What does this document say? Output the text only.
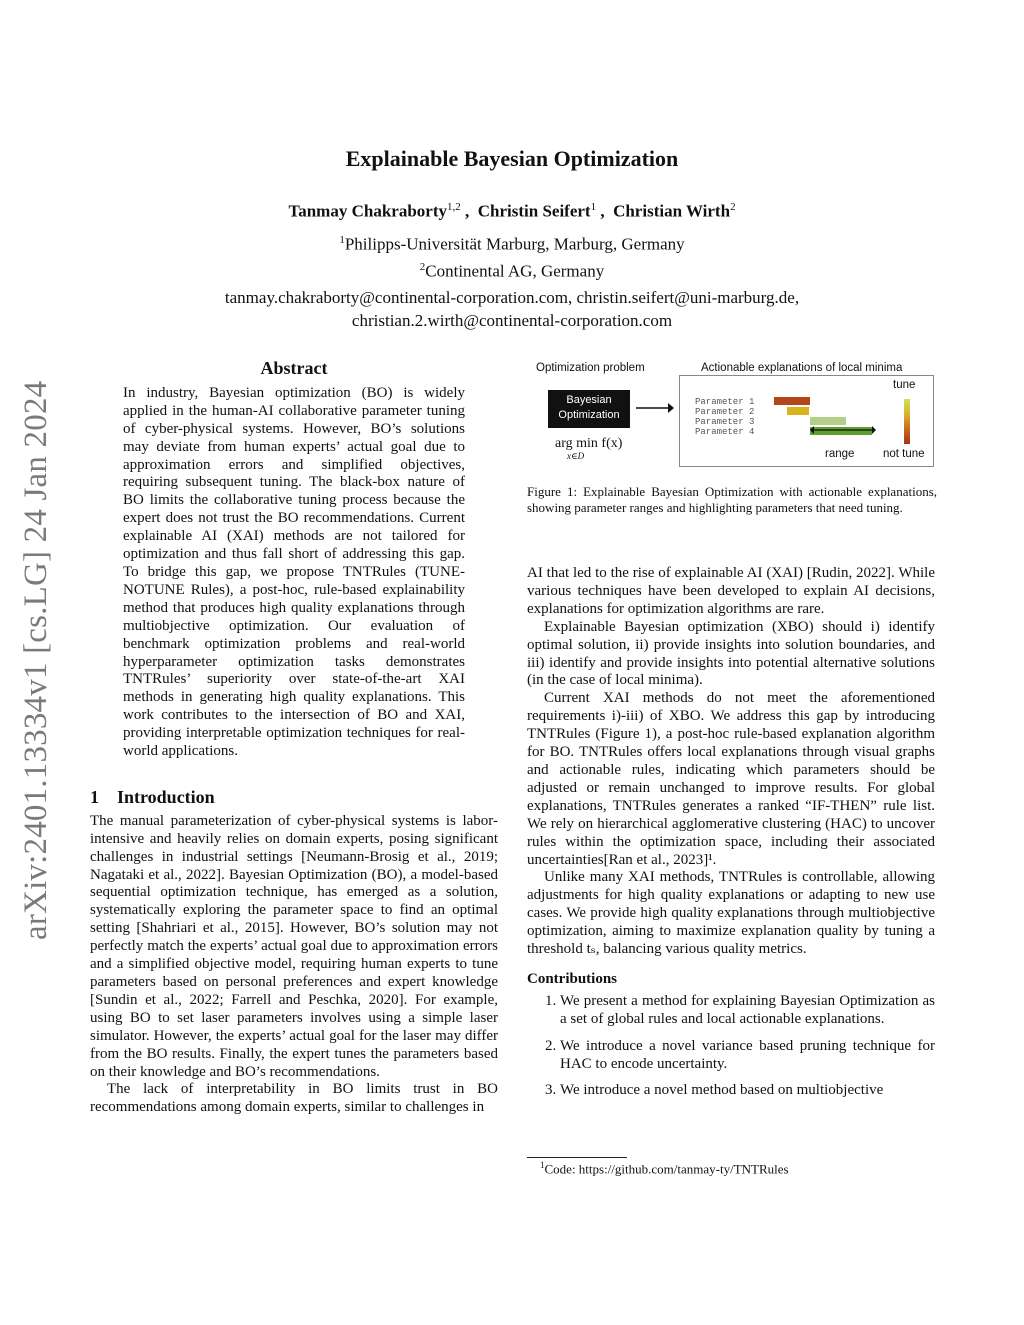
arXiv:2401.13334v1 [cs.LG] 24 Jan 2024
Explainable Bayesian Optimization
Tanmay Chakraborty$^{1,2}$ ,  Christin Seifert$^1$ ,  Christian Wirth$^2$
$^1$Philipps-Universität Marburg, Marburg, Germany
$^2$Continental AG, Germany
tanmay.chakraborty@continental-corporation.com, christin.seifert@uni-marburg.de,
christian.2.wirth@continental-corporation.com
Abstract
In industry, Bayesian optimization (BO) is widely applied in the human-AI collaborative parameter tuning of cyber-physical systems. However, BO’s solutions may deviate from human experts’ actual goal due to approximation errors and simplified objectives, requiring subsequent tuning. The black-box nature of BO limits the collaborative tuning process because the expert does not trust the BO recommendations. Current explainable AI (XAI) methods are not tailored for optimization and thus fall short of addressing this gap. To bridge this gap, we propose TNTRules (TUNE-NOTUNE Rules), a post-hoc, rule-based explainability method that produces high quality explanations through multiobjective optimization. Our evaluation of benchmark optimization problems and real-world hyperparameter optimization tasks demonstrates TNTRules’ superiority over state-of-the-art XAI methods in generating high quality explanations. This work contributes to the intersection of BO and XAI, providing interpretable optimization techniques for real-world applications.
1 Introduction

The manual parameterization of cyber-physical systems is labor-intensive and heavily relies on domain experts, posing significant challenges in industrial settings [Neumann-Brosig et al., 2019; Nagataki et al., 2022]. Bayesian Optimization (BO), a model-based sequential optimization technique, has emerged as a solution, systematically exploring the parameter space to find an optimal setting [Shahriari et al., 2015]. However, BO’s solution may not perfectly match the experts’ actual goal due to approximation errors and a simplified objective model, requiring human experts to tune parameters based on personal preferences and expert knowledge [Sundin et al., 2022; Farrell and Peschka, 2020]. For example, using BO to set laser parameters involves using a simple laser simulator. However, the experts’ actual goal for the laser may differ from the BO results. Finally, the expert tunes the parameters based on their knowledge and BO’s recommendations.

The lack of interpretability in BO limits trust in BO recommendations among domain experts, similar to challenges in

Optimization problem	Actionable explanations of local minima
Bayesian
Optimization
arg min f(x)
x∈D
Parameter 1
Parameter 2
Parameter 3
Parameter 4
range
tune
not tune
Figure 1: Explainable Bayesian Optimization with actionable explanations, showing parameter ranges and highlighting parameters that need tuning.

AI that led to the rise of explainable AI (XAI) [Rudin, 2022]. While various techniques have been developed to explain AI decisions, explanations for optimization algorithms are rare.

Explainable Bayesian optimization (XBO) should i) identify optimal solution, ii) provide insights into solution boundaries, and iii) identify and provide insights into potential alternative solutions (in the case of local minima).

Current XAI methods do not meet the aforementioned requirements i)-iii) of XBO. We address this gap by introducing TNTRules (Figure 1), a post-hoc rule-based explanation algorithm for BO. TNTRules offers local explanations through visual graphs and actionable rules, indicating which parameters should be adjusted or remain unchanged to improve results. For global explanations, TNTRules generates a ranked “IF-THEN” rule list. We rely on hierarchical agglomerative clustering (HAC) to uncover rules within the optimization space, including their associated uncertainties[Ran et al., 2023]¹.

Unlike many XAI methods, TNTRules is controllable, allowing adjustments for high quality explanations or adapting to new use cases. We provide high quality explanations through multiobjective optimization, aiming to maximize explanation quality by tuning a threshold tₛ, balancing various quality metrics.

Contributions
1. We present a method for explaining Bayesian Optimization as a set of global rules and local actionable explanations.
2. We introduce a novel variance based pruning technique for HAC to encode uncertainty.
3. We introduce a novel method based on multiobjective
$^1$Code: https://github.com/tanmay-ty/TNTRules
